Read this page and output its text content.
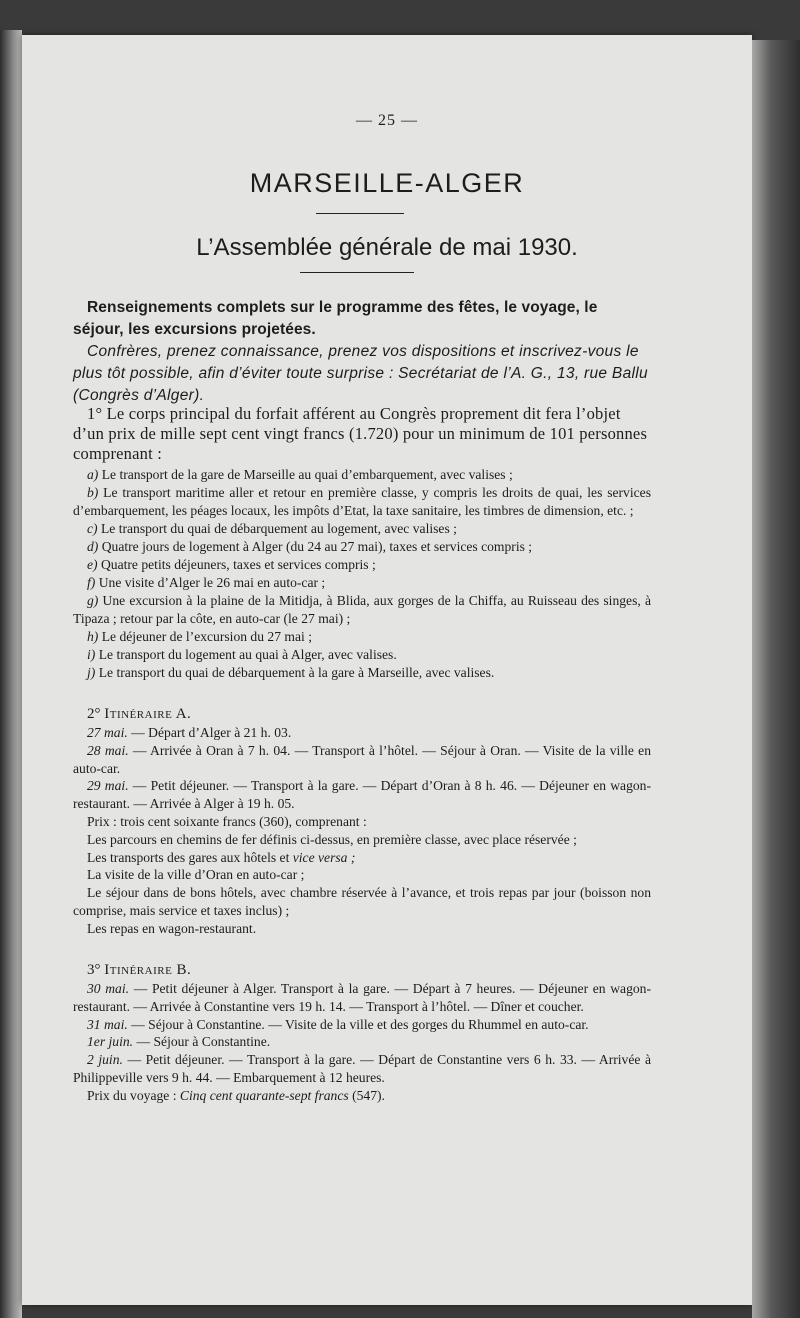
— 25 —
MARSEILLE-ALGER
L’Assemblée générale de mai 1930.
Renseignements complets sur le programme des fêtes, le voyage, le séjour, les excursions projetées.
Confrères, prenez connaissance, prenez vos dispositions et inscrivez-vous le plus tôt possible, afin d’éviter toute surprise : Secrétariat de l’A. G., 13, rue Ballu (Congrès d’Alger).
1° Le corps principal du forfait afférent au Congrès proprement dit fera l’objet d’un prix de mille sept cent vingt francs (1.720) pour un minimum de 101 personnes comprenant :
a) Le transport de la gare de Marseille au quai d’embarquement, avec valises ;
b) Le transport maritime aller et retour en première classe, y compris les droits de quai, les services d’embarquement, les péages locaux, les impôts d’Etat, la taxe sanitaire, les timbres de dimension, etc. ;
c) Le transport du quai de débarquement au logement, avec valises ;
d) Quatre jours de logement à Alger (du 24 au 27 mai), taxes et services compris ;
e) Quatre petits déjeuners, taxes et services compris ;
f) Une visite d’Alger le 26 mai en auto-car ;
g) Une excursion à la plaine de la Mitidja, à Blida, aux gorges de la Chiffa, au Ruisseau des singes, à Tipaza ; retour par la côte, en auto-car (le 27 mai) ;
h) Le déjeuner de l’excursion du 27 mai ;
i) Le transport du logement au quai à Alger, avec valises.
j) Le transport du quai de débarquement à la gare à Marseille, avec valises.

2° Itinéraire A.

27 mai. — Départ d’Alger à 21 h. 03.

28 mai. — Arrivée à Oran à 7 h. 04. — Transport à l’hôtel. — Séjour à Oran. — Visite de la ville en auto-car.

29 mai. — Petit déjeuner. — Transport à la gare. — Départ d’Oran à 8 h. 46. — Déjeuner en wagon-restaurant. — Arrivée à Alger à 19 h. 05.

Prix : trois cent soixante francs (360), comprenant :

Les parcours en chemins de fer définis ci-dessus, en première classe, avec place réservée ;

Les transports des gares aux hôtels et vice versa ;

La visite de la ville d’Oran en auto-car ;

Le séjour dans de bons hôtels, avec chambre réservée à l’avance, et trois repas par jour (boisson non comprise, mais service et taxes inclus) ;

Les repas en wagon-restaurant.

3° Itinéraire B.

30 mai. — Petit déjeuner à Alger. Transport à la gare. — Départ à 7 heures. — Déjeuner en wagon-restaurant. — Arrivée à Constantine vers 19 h. 14. — Transport à l’hôtel. — Dîner et coucher.

31 mai. — Séjour à Constantine. — Visite de la ville et des gorges du Rhummel en auto-car.

1er juin. — Séjour à Constantine.

2 juin. — Petit déjeuner. — Transport à la gare. — Départ de Constantine vers 6 h. 33. — Arrivée à Philippeville vers 9 h. 44. — Embarquement à 12 heures.

Prix du voyage : Cinq cent quarante-sept francs (547).
